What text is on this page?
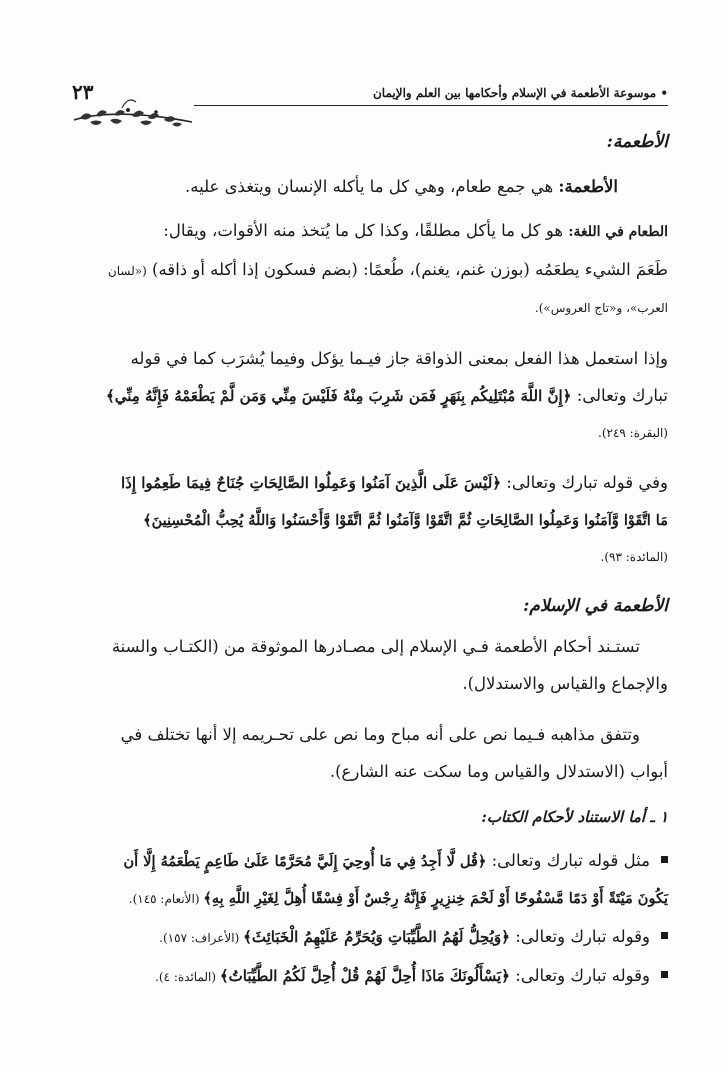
• موسوعة الأطعمة في الإسلام وأحكامها بين العلم والإيمان
٢٣
الأطعمة:
الأطعمة: هي جمع طعام، وهي كل ما يأكله الإنسان ويتغذى عليه.
الطعام في اللغة: هو كل ما يأكل مطلقًا، وكذا كل ما يُتخذ منه الأقوات، ويقال:
طَعَمَ الشيء يطعَمُه (بوزن غنم، يغنم)، طُعمًا: (بضم فسكون إذا أكله أو ذاقه) («لسان
العرب»، و«تاج العروس»).
وإذا استعمل هذا الفعل بمعنى الذواقة جاز فيـما يؤكل وفيما يُشرَب كما في قوله
تبارك وتعالى: ﴿إِنَّ اللَّهَ مُبْتَلِيكُم بِنَهَرٍ فَمَن شَرِبَ مِنْهُ فَلَيْسَ مِنِّي وَمَن لَّمْ يَطْعَمْهُ فَإِنَّهُ مِنِّي﴾
(البقرة: ٢٤٩).
وفي قوله تبارك وتعالى: ﴿لَيْسَ عَلَى الَّذِينَ آمَنُوا وَعَمِلُوا الصَّالِحَاتِ جُنَاحٌ فِيمَا طَعِمُوا إِذَا
مَا اتَّقَوْا وَّآمَنُوا وَعَمِلُوا الصَّالِحَاتِ ثُمَّ اتَّقَوْا وَّآمَنُوا ثُمَّ اتَّقَوْا وَّأَحْسَنُوا وَاللَّهُ يُحِبُّ الْمُحْسِنِينَ﴾
(المائدة: ٩٣).
الأطعمة في الإسلام:
تستـند أحكام الأطعمة فـي الإسلام إلى مصـادرها الموثوقة من (الكتـاب والسنة
والإجماع والقياس والاستدلال).
وتتفق مذاهبه فـيما نص على أنه مباح وما نص على تحـريمه إلا أنها تختلف في
أبواب (الاستدلال والقياس وما سكت عنه الشارع).
١ ـ أما الاستناد لأحكام الكتاب:
مثل قوله تبارك وتعالى: ﴿قُل لَّا أَجِدُ فِي مَا أُوحِيَ إِلَيَّ مُحَرَّمًا عَلَىٰ طَاعِمٍ يَطْعَمُهُ إِلَّا أَن
يَكُونَ مَيْتَةً أَوْ دَمًا مَّسْفُوحًا أَوْ لَحْمَ خِنزِيرٍ فَإِنَّهُ رِجْسٌ أَوْ فِسْقًا أُهِلَّ لِغَيْرِ اللَّهِ بِهِ﴾ (الأنعام: ١٤٥).
وقوله تبارك وتعالى: ﴿وَيُحِلُّ لَهُمُ الطَّيِّبَاتِ وَيُحَرِّمُ عَلَيْهِمُ الْخَبَائِثَ﴾ (الأعراف: ١٥٧).
وقوله تبارك وتعالى: ﴿يَسْأَلُونَكَ مَاذَا أُحِلَّ لَهُمْ قُلْ أُحِلَّ لَكُمُ الطَّيِّبَاتُ﴾ (المائدة: ٤).
